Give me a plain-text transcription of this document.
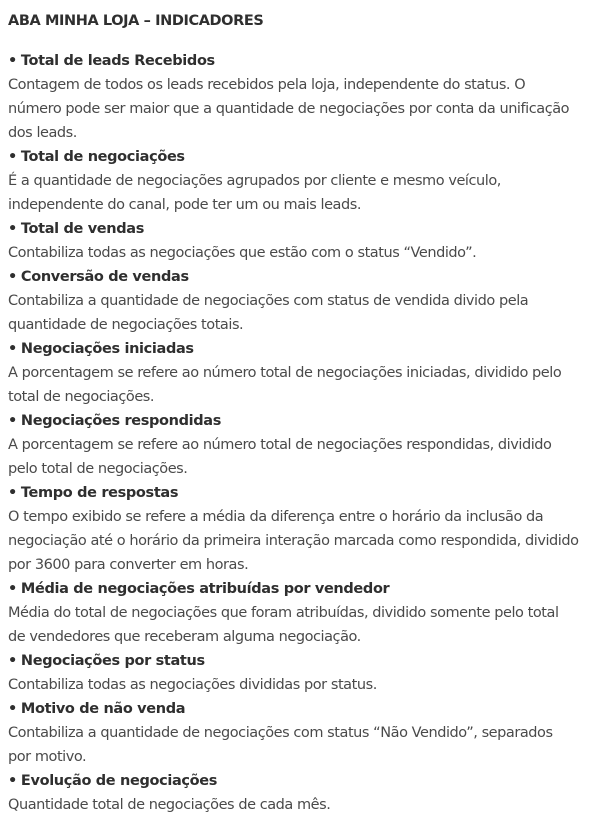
ABA MINHA LOJA – INDICADORES
• Total de leads Recebidos
Contagem de todos os leads recebidos pela loja, independente do status. O
número pode ser maior que a quantidade de negociações por conta da unificação
dos leads.
• Total de negociações
É a quantidade de negociações agrupados por cliente e mesmo veículo,
independente do canal, pode ter um ou mais leads.
• Total de vendas
Contabiliza todas as negociações que estão com o status “Vendido”.
• Conversão de vendas
Contabiliza a quantidade de negociações com status de vendida divido pela
quantidade de negociações totais.
• Negociações iniciadas
A porcentagem se refere ao número total de negociações iniciadas, dividido pelo
total de negociações.
• Negociações respondidas
A porcentagem se refere ao número total de negociações respondidas, dividido
pelo total de negociações.
• Tempo de respostas
O tempo exibido se refere a média da diferença entre o horário da inclusão da
negociação até o horário da primeira interação marcada como respondida, dividido
por 3600 para converter em horas.
• Média de negociações atribuídas por vendedor
Média do total de negociações que foram atribuídas, dividido somente pelo total
de vendedores que receberam alguma negociação.
• Negociações por status
Contabiliza todas as negociações divididas por status.
• Motivo de não venda
Contabiliza a quantidade de negociações com status “Não Vendido”, separados
por motivo.
• Evolução de negociações
Quantidade total de negociações de cada mês.
